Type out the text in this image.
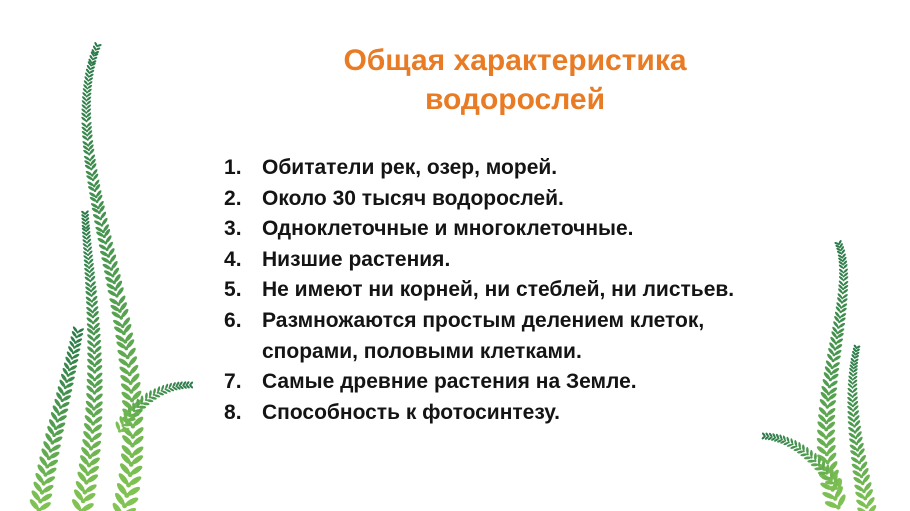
Общая характеристика
водорослей
Обитатели рек, озер, морей.
Около 30 тысяч водорослей.
Одноклеточные и многоклеточные.
Низшие растения.
Не имеют ни корней, ни стеблей, ни листьев.
Размножаются простым делением клеток,
спорами, половыми клетками.
Самые древние растения на Земле.
Способность к фотосинтезу.
